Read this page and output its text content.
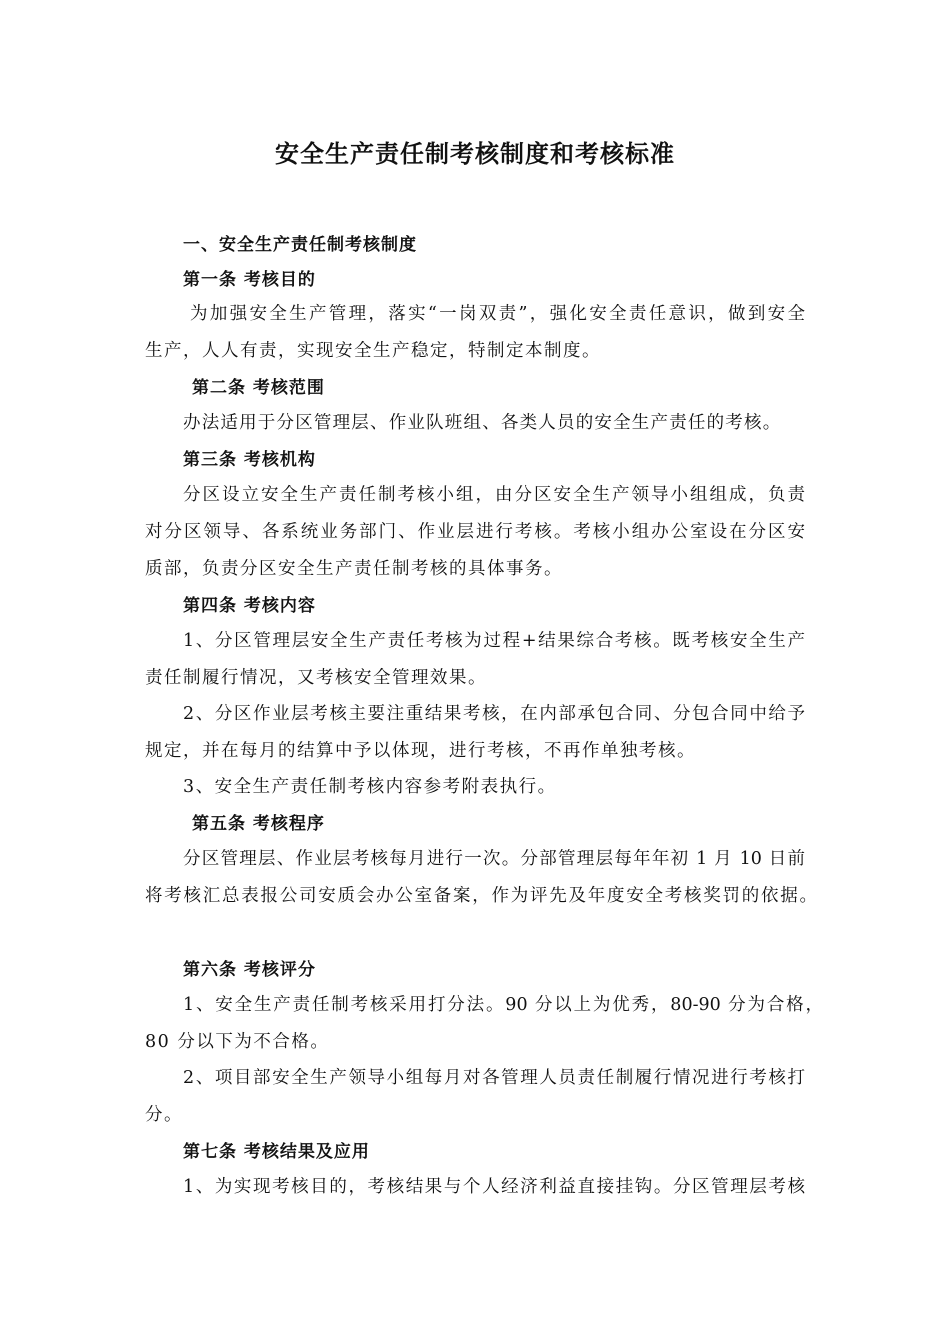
安全生产责任制考核制度和考核标准
一、安全生产责任制考核制度
第一条 考核目的
为加强安全生产管理，落实“一岗双责”，强化安全责任意识，做到安全
生产，人人有责，实现安全生产稳定，特制定本制度。
第二条 考核范围
办法适用于分区管理层、作业队班组、各类人员的安全生产责任的考核。
第三条 考核机构
分区设立安全生产责任制考核小组，由分区安全生产领导小组组成，负责
对分区领导、各系统业务部门、作业层进行考核。考核小组办公室设在分区安
质部，负责分区安全生产责任制考核的具体事务。
第四条 考核内容
1、分区管理层安全生产责任考核为过程+结果综合考核。既考核安全生产
责任制履行情况，又考核安全管理效果。
2、分区作业层考核主要注重结果考核，在内部承包合同、分包合同中给予
规定，并在每月的结算中予以体现，进行考核，不再作单独考核。
3、安全生产责任制考核内容参考附表执行。
第五条 考核程序
分区管理层、作业层考核每月进行一次。分部管理层每年年初 1 月 10 日前
将考核汇总表报公司安质会办公室备案，作为评先及年度安全考核奖罚的依据。
第六条 考核评分
1、安全生产责任制考核采用打分法。90 分以上为优秀，80-90 分为合格，
80 分以下为不合格。
2、项目部安全生产领导小组每月对各管理人员责任制履行情况进行考核打
分。
第七条 考核结果及应用
1、为实现考核目的，考核结果与个人经济利益直接挂钩。分区管理层考核
